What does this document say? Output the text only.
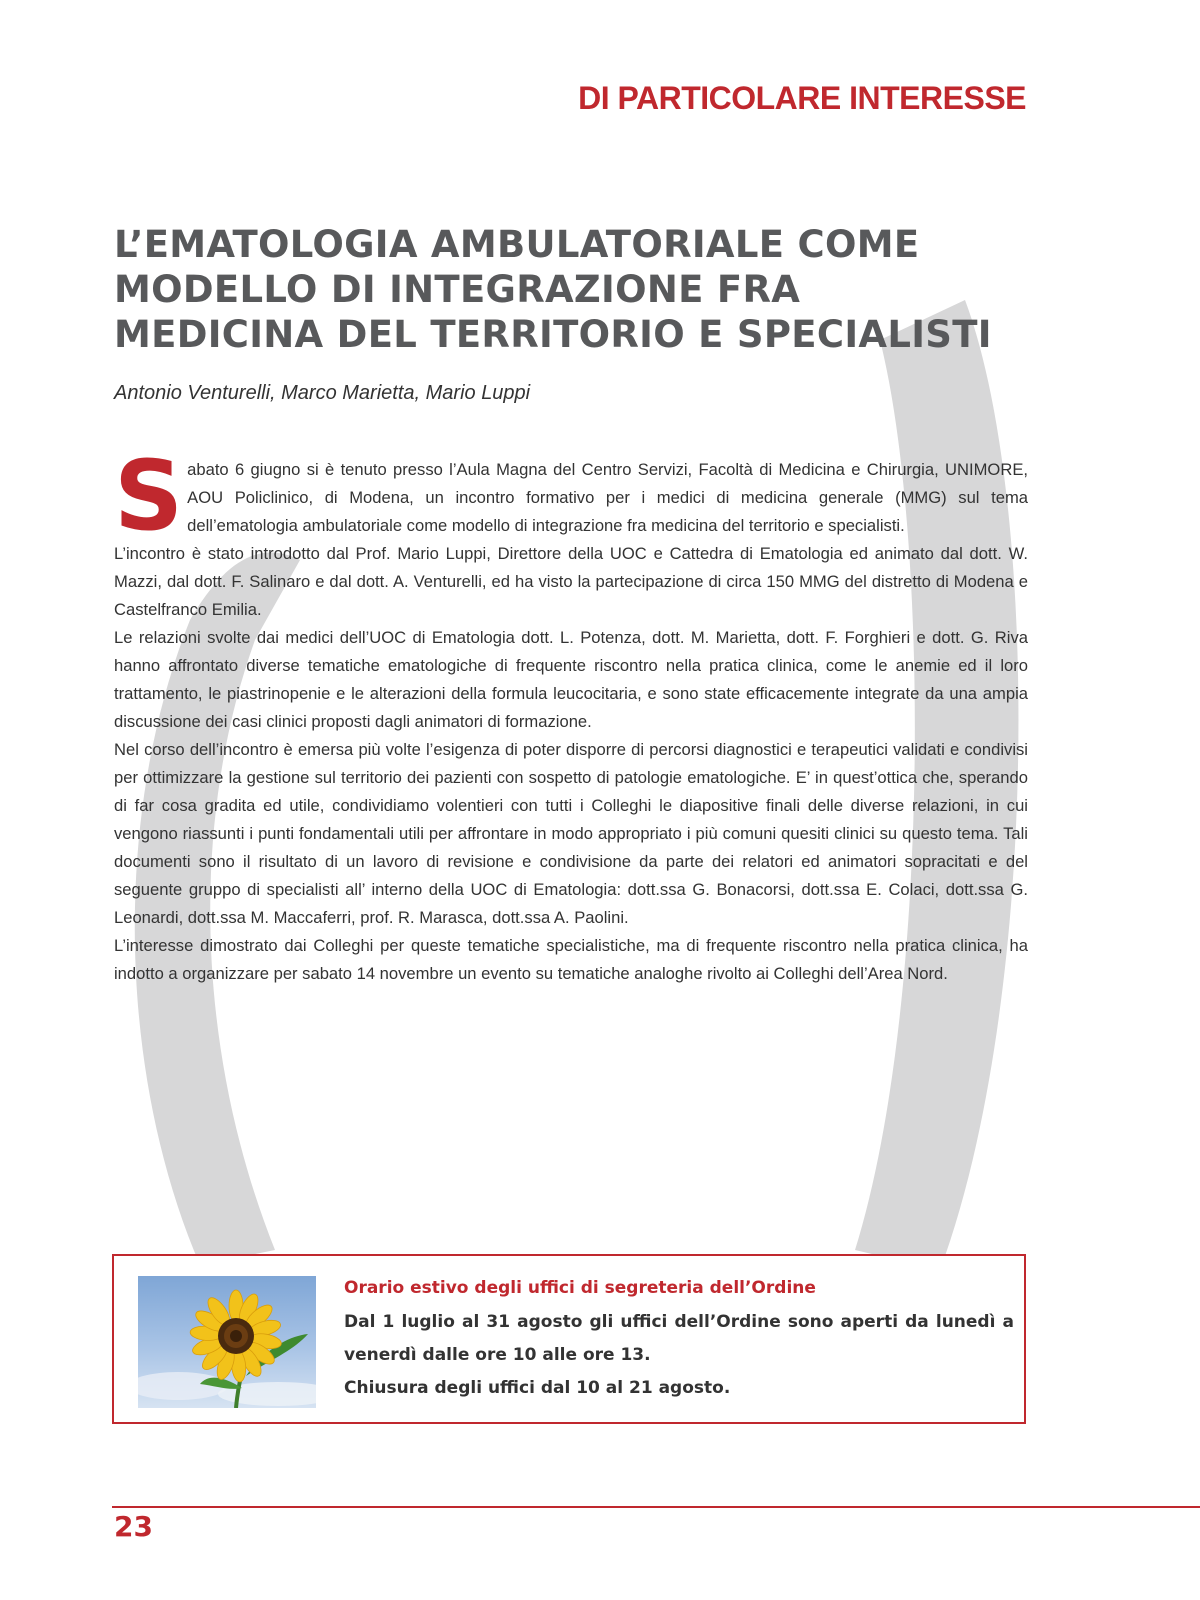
DI PARTICOLARE INTERESSE
L’EMATOLOGIA AMBULATORIALE COME
MODELLO DI INTEGRAZIONE FRA
MEDICINA DEL TERRITORIO E SPECIALISTI
Antonio Venturelli, Marco Marietta, Mario Luppi

Sabato 6 giugno si è tenuto presso l’Aula Magna del Centro Servizi, Facoltà di Medicina e Chirurgia, UNIMORE, AOU Policlinico, di Modena, un incontro formativo per i medici di medicina generale (MMG) sul tema dell’ematologia ambulatoriale come modello di integrazione fra medicina del territorio e specialisti.

L’incontro è stato introdotto dal Prof. Mario Luppi, Direttore della UOC e Cattedra di Ematologia ed animato dal dott. W. Mazzi, dal dott. F. Salinaro e dal dott. A. Venturelli, ed ha visto la partecipazione di circa 150 MMG del distretto di Modena e Castelfranco Emilia.

Le relazioni svolte dai medici dell’UOC di Ematologia dott. L. Potenza, dott. M. Marietta, dott. F. Forghieri e dott. G. Riva hanno affrontato diverse tematiche ematologiche di frequente riscontro nella pratica clinica, come le anemie ed il loro trattamento, le piastrinopenie e le alterazioni della formula leucocitaria, e sono state efficacemente integrate da una ampia discussione dei casi clinici proposti dagli animatori di formazione.

Nel corso dell’incontro è emersa più volte l’esigenza di poter disporre di percorsi diagnostici e terapeutici validati e condivisi per ottimizzare la gestione sul territorio dei pazienti con sospetto di patologie ematologiche. E’ in quest’ottica che, sperando di far cosa gradita ed utile, condividiamo volentieri con tutti i Colleghi le diapositive finali delle diverse relazioni, in cui vengono riassunti i punti fondamentali utili per affrontare in modo appropriato i più comuni quesiti clinici su questo tema. Tali documenti sono il risultato di un lavoro di revisione e condivisione da parte dei relatori ed animatori sopracitati e del seguente gruppo di specialisti all’ interno della UOC di Ematologia: dott.ssa G. Bonacorsi, dott.ssa E. Colaci, dott.ssa G. Leonardi, dott.ssa M. Maccaferri, prof. R. Marasca, dott.ssa A. Paolini.

L’interesse dimostrato dai Colleghi per queste tematiche specialistiche, ma di frequente riscontro nella pratica clinica, ha indotto a organizzare per sabato 14 novembre un evento su tematiche analoghe rivolto ai Colleghi dell’Area Nord.

Orario estivo degli uffici di segreteria dell’Ordine

Dal 1 luglio al 31 agosto gli uffici dell’Ordine sono aperti da lunedì a venerdì dalle ore 10 alle ore 13.

Chiusura degli uffici dal 10 al 21 agosto.

23
